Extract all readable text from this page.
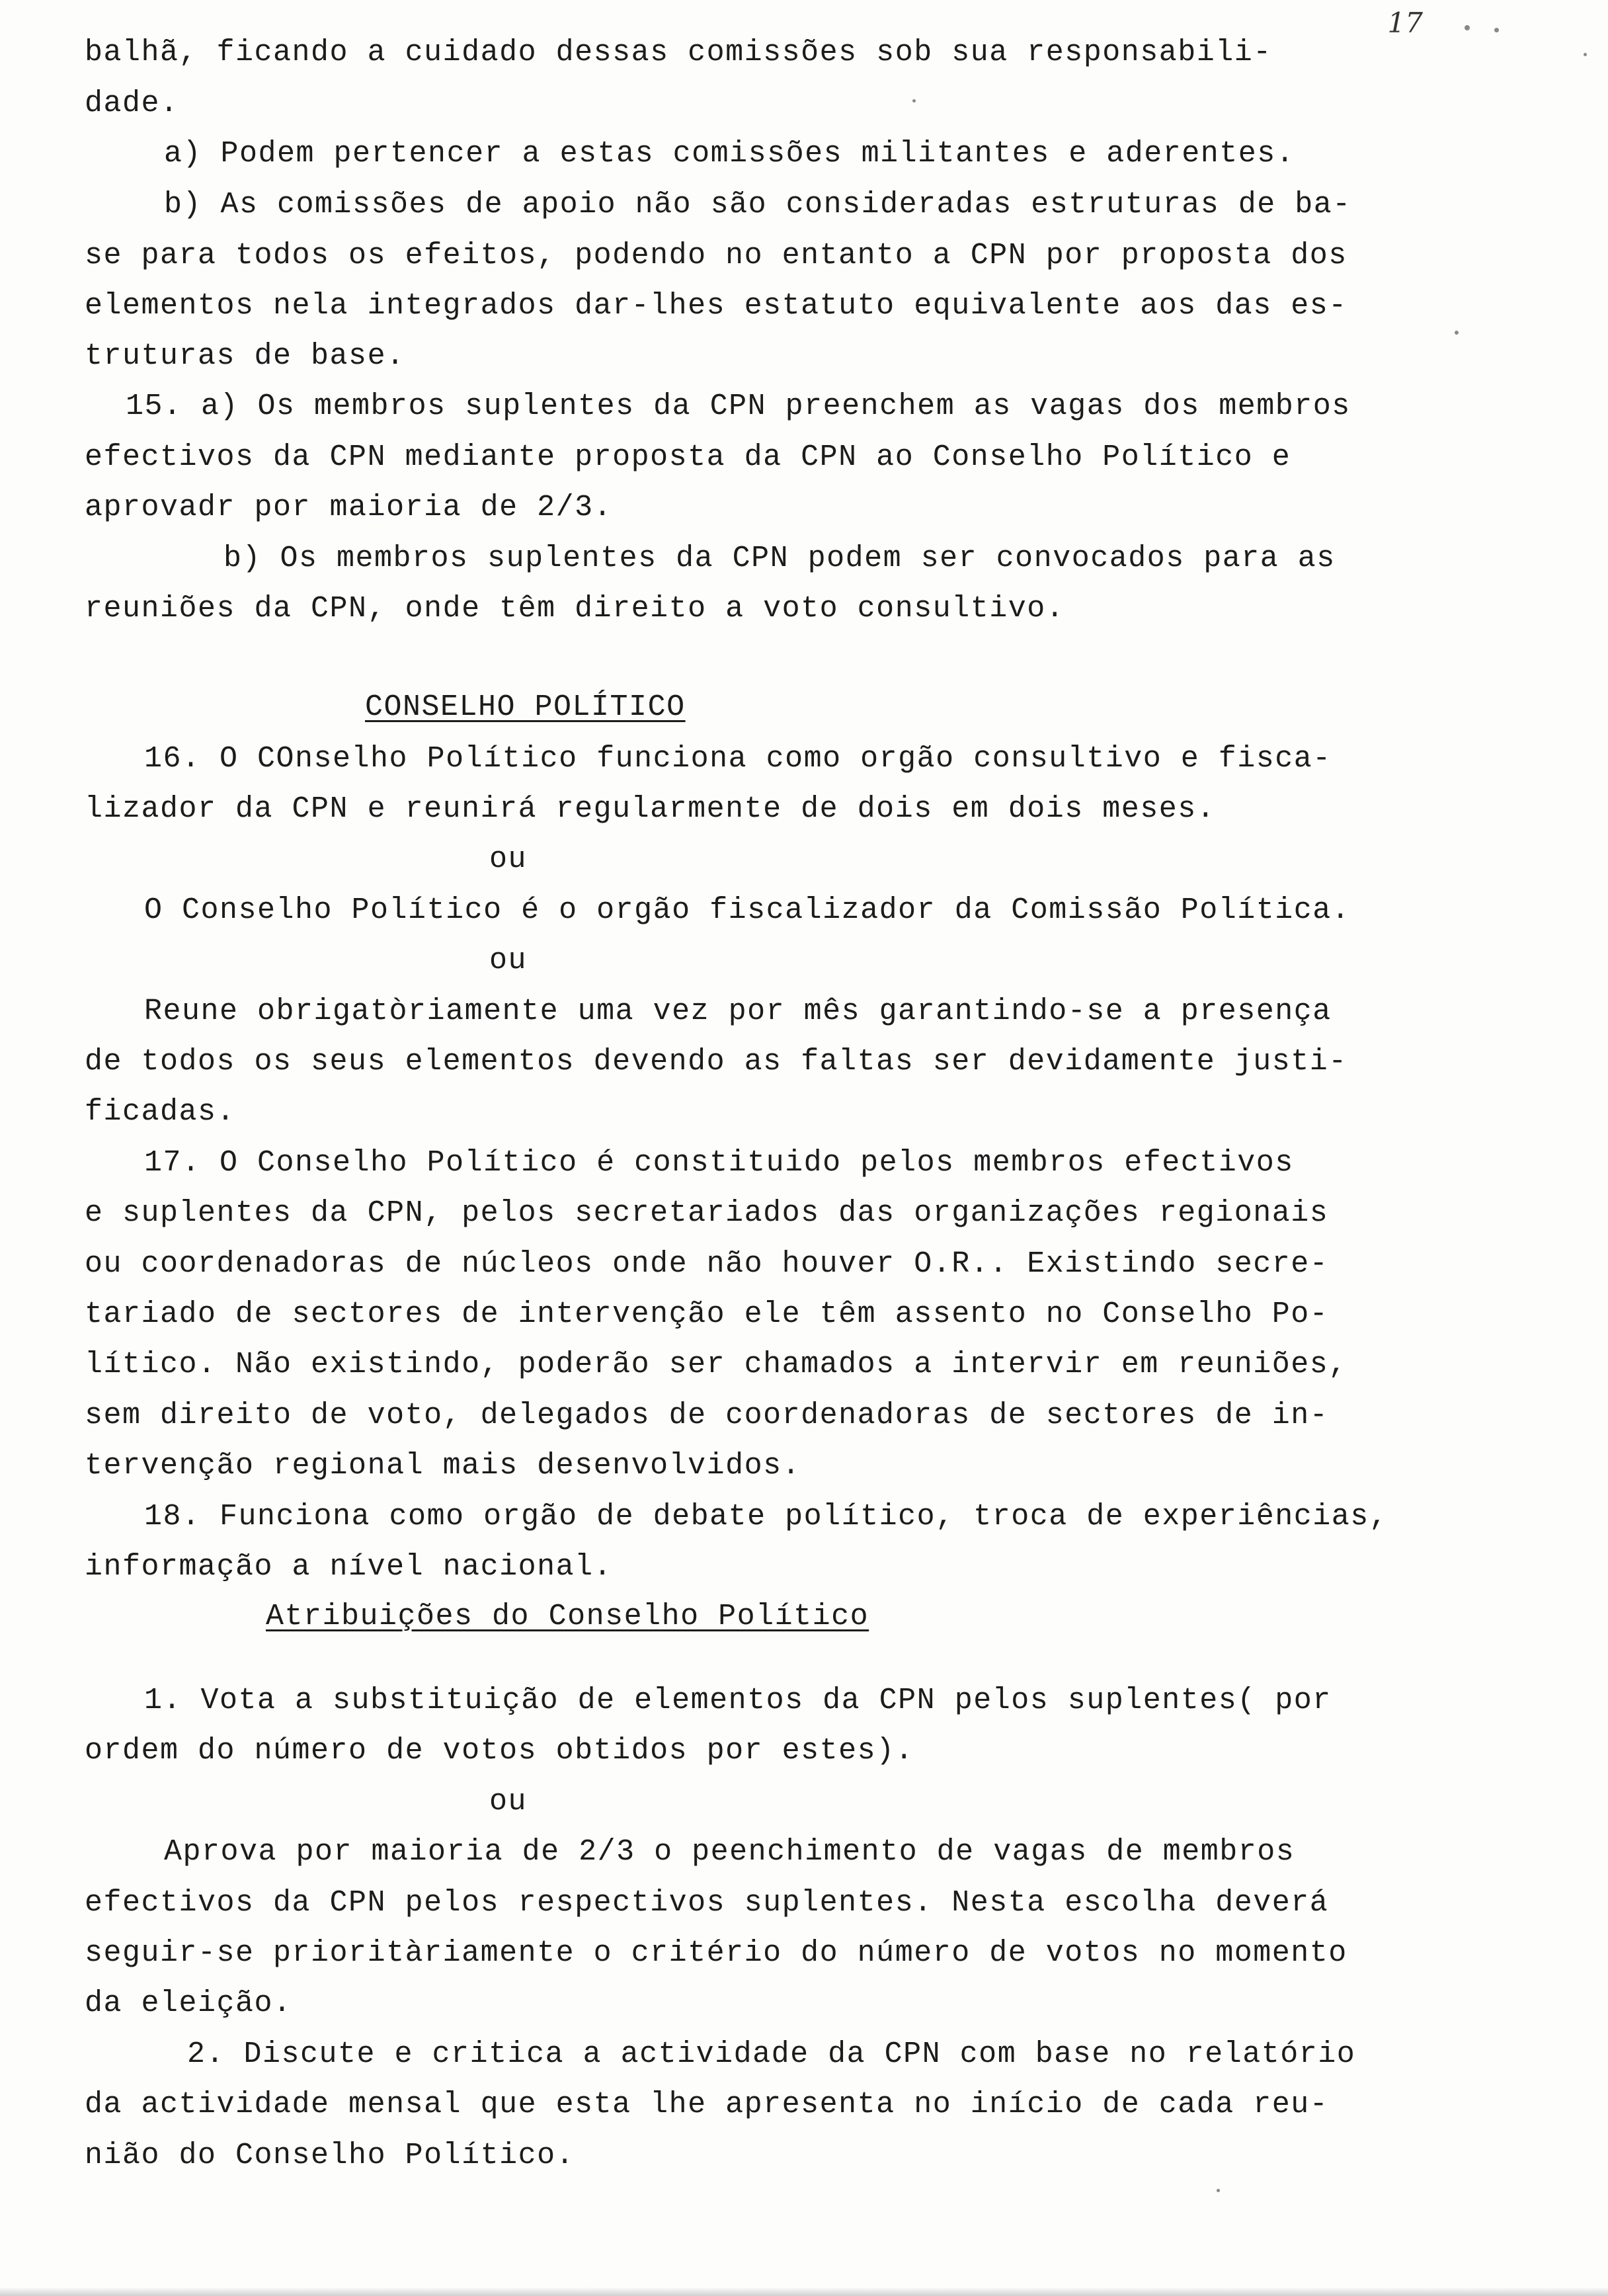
17
balhã, ficando a cuidado dessas comissões sob sua responsabili-
dade.
a) Podem pertencer a estas comissões militantes e aderentes.
b) As comissões de apoio não são consideradas estruturas de ba-
se para todos os efeitos, podendo no entanto a CPN por proposta dos
elementos nela integrados dar-lhes estatuto equivalente aos das es-
truturas de base.
15. a) Os membros suplentes da CPN preenchem as vagas dos membros
efectivos da CPN mediante proposta da CPN ao Conselho Político e
aprovadr por maioria de 2/3.
b) Os membros suplentes da CPN podem ser convocados para as
reuniões da CPN, onde têm direito a voto consultivo.
CONSELHO POLÍTICO
16. O COnselho Político funciona como orgão consultivo e fisca-
lizador da CPN e reunirá regularmente de dois em dois meses.
ou
O Conselho Político é o orgão fiscalizador da Comissão Política.
ou
Reune obrigatòriamente uma vez por mês garantindo-se a presença
de todos os seus elementos devendo as faltas ser devidamente justi-
ficadas.
17. O Conselho Político é constituido pelos membros efectivos
e suplentes da CPN, pelos secretariados das organizações regionais
ou coordenadoras de núcleos onde não houver O.R.. Existindo secre-
tariado de sectores de intervenção ele têm assento no Conselho Po-
lítico. Não existindo, poderão ser chamados a intervir em reuniões,
sem direito de voto, delegados de coordenadoras de sectores de in-
tervenção regional mais desenvolvidos.
18. Funciona como orgão de debate político, troca de experiências,
informação a nível nacional.
Atribuições do Conselho Político
1. Vota a substituição de elementos da CPN pelos suplentes( por
ordem do número de votos obtidos por estes).
ou
Aprova por maioria de 2/3 o peenchimento de vagas de membros
efectivos da CPN pelos respectivos suplentes. Nesta escolha deverá
seguir-se prioritàriamente o critério do número de votos no momento
da eleição.
2. Discute e critica a actividade da CPN com base no relatório
da actividade mensal que esta lhe apresenta no início de cada reu-
nião do Conselho Político.
